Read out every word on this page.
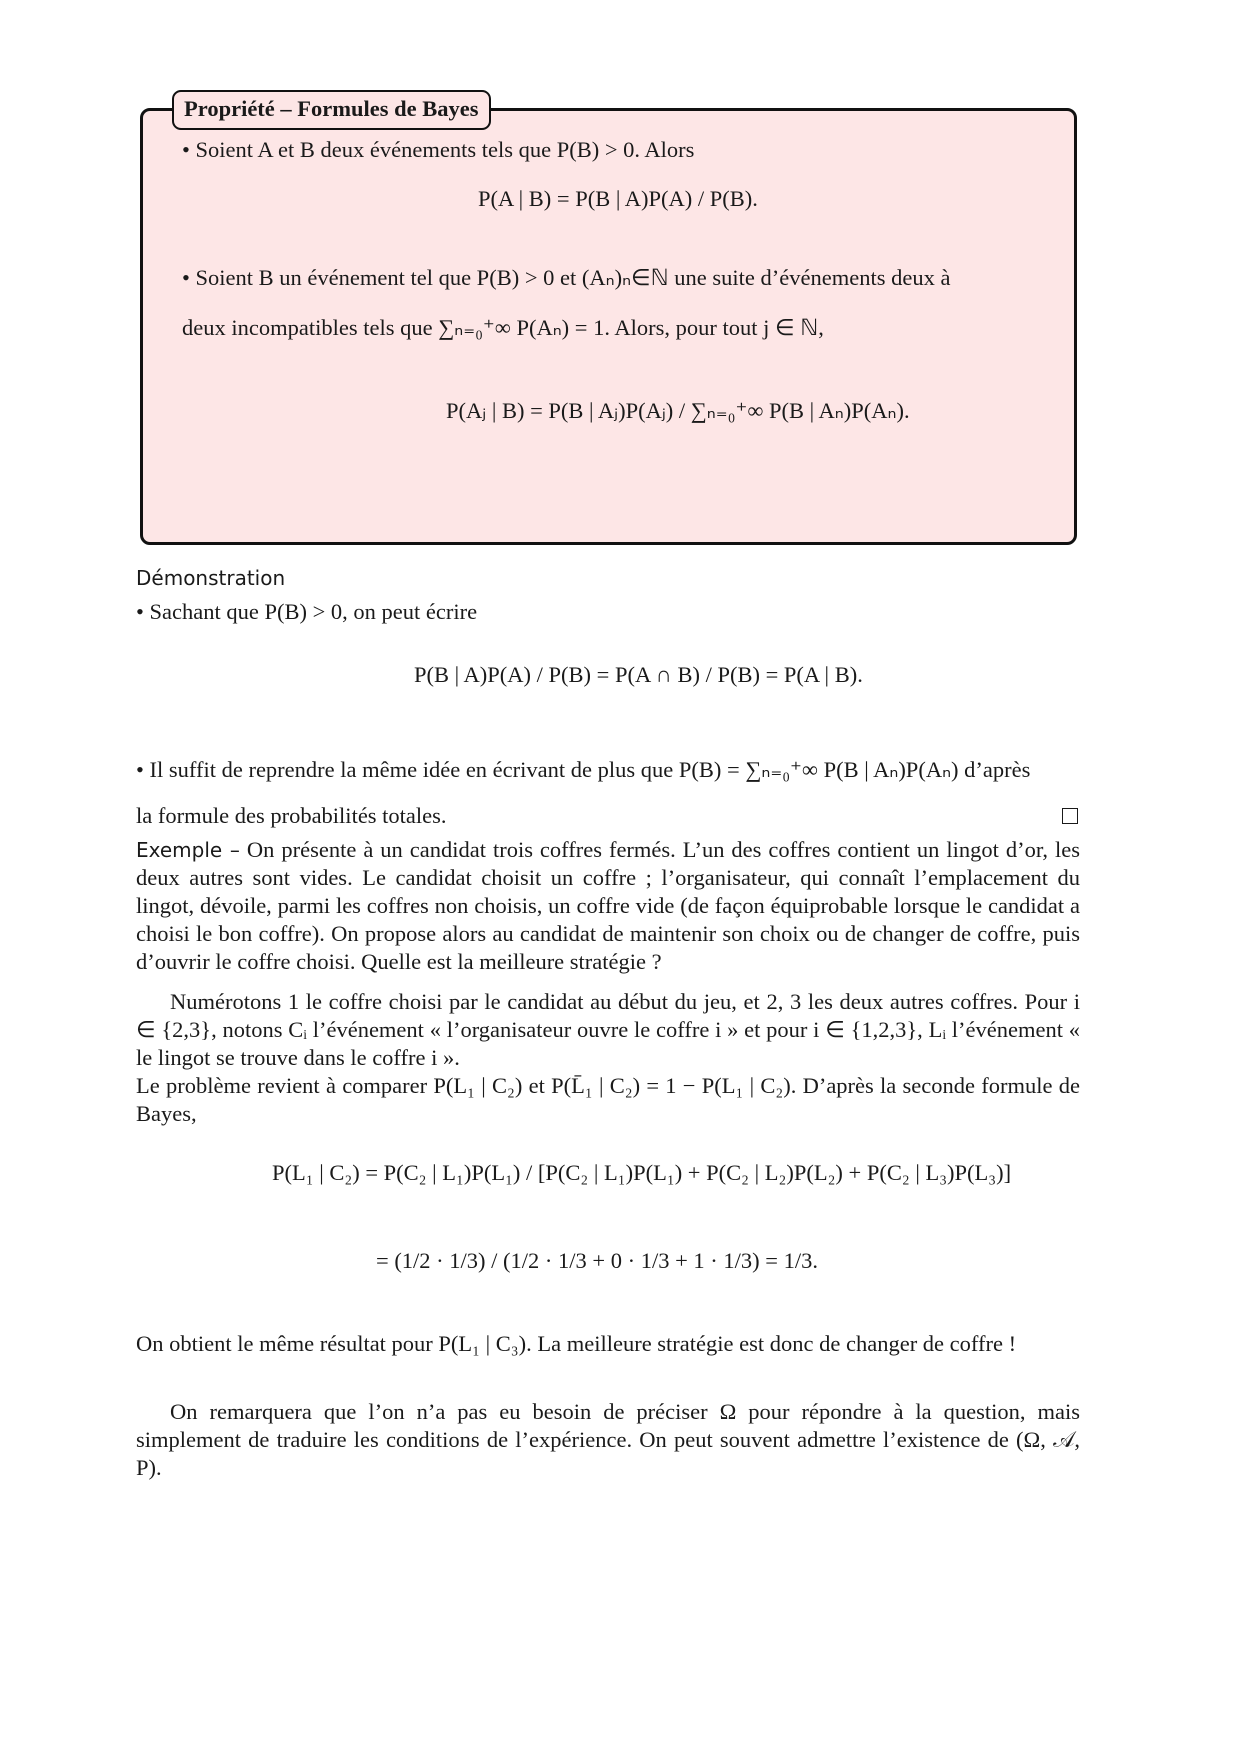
Propriété – Formules de Bayes
• Soient A et B deux événements tels que P(B) > 0. Alors
P(A | B) = P(B | A)P(A) / P(B).
• Soient B un événement tel que P(B) > 0 et (Aₙ)ₙ∈ℕ une suite d’événements deux à
deux incompatibles tels que ∑ₙ₌₀⁺∞ P(Aₙ) = 1. Alors, pour tout j ∈ ℕ,
P(Aⱼ | B) = P(B | Aⱼ)P(Aⱼ) / ∑ₙ₌₀⁺∞ P(B | Aₙ)P(Aₙ).
Démonstration
• Sachant que P(B) > 0, on peut écrire
P(B | A)P(A) / P(B) = P(A ∩ B) / P(B) = P(A | B).
• Il suffit de reprendre la même idée en écrivant de plus que P(B) = ∑ₙ₌₀⁺∞ P(B | Aₙ)P(Aₙ) d’après
la formule des probabilités totales.
Exemple – On présente à un candidat trois coffres fermés. L’un des coffres contient un lingot d’or, les deux autres sont vides. Le candidat choisit un coffre ; l’organisateur, qui connaît l’emplacement du lingot, dévoile, parmi les coffres non choisis, un coffre vide (de façon équiprobable lorsque le candidat a choisi le bon coffre). On propose alors au candidat de maintenir son choix ou de changer de coffre, puis d’ouvrir le coffre choisi. Quelle est la meilleure stratégie ?
Numérotons 1 le coffre choisi par le candidat au début du jeu, et 2, 3 les deux autres coffres. Pour i ∈ {2,3}, notons Cᵢ l’événement « l’organisateur ouvre le coffre i » et pour i ∈ {1,2,3}, Lᵢ l’événement « le lingot se trouve dans le coffre i ».
Le problème revient à comparer P(L₁ | C₂) et P(L̄₁ | C₂) = 1 − P(L₁ | C₂). D’après la seconde formule de Bayes,
P(L₁ | C₂) = P(C₂ | L₁)P(L₁) / [P(C₂ | L₁)P(L₁) + P(C₂ | L₂)P(L₂) + P(C₂ | L₃)P(L₃)]
= (1/2 · 1/3) / (1/2 · 1/3 + 0 · 1/3 + 1 · 1/3) = 1/3.
On obtient le même résultat pour P(L₁ | C₃). La meilleure stratégie est donc de changer de coffre !
On remarquera que l’on n’a pas eu besoin de préciser Ω pour répondre à la question, mais simplement de traduire les conditions de l’expérience. On peut souvent admettre l’existence de (Ω, 𝒜, P).
